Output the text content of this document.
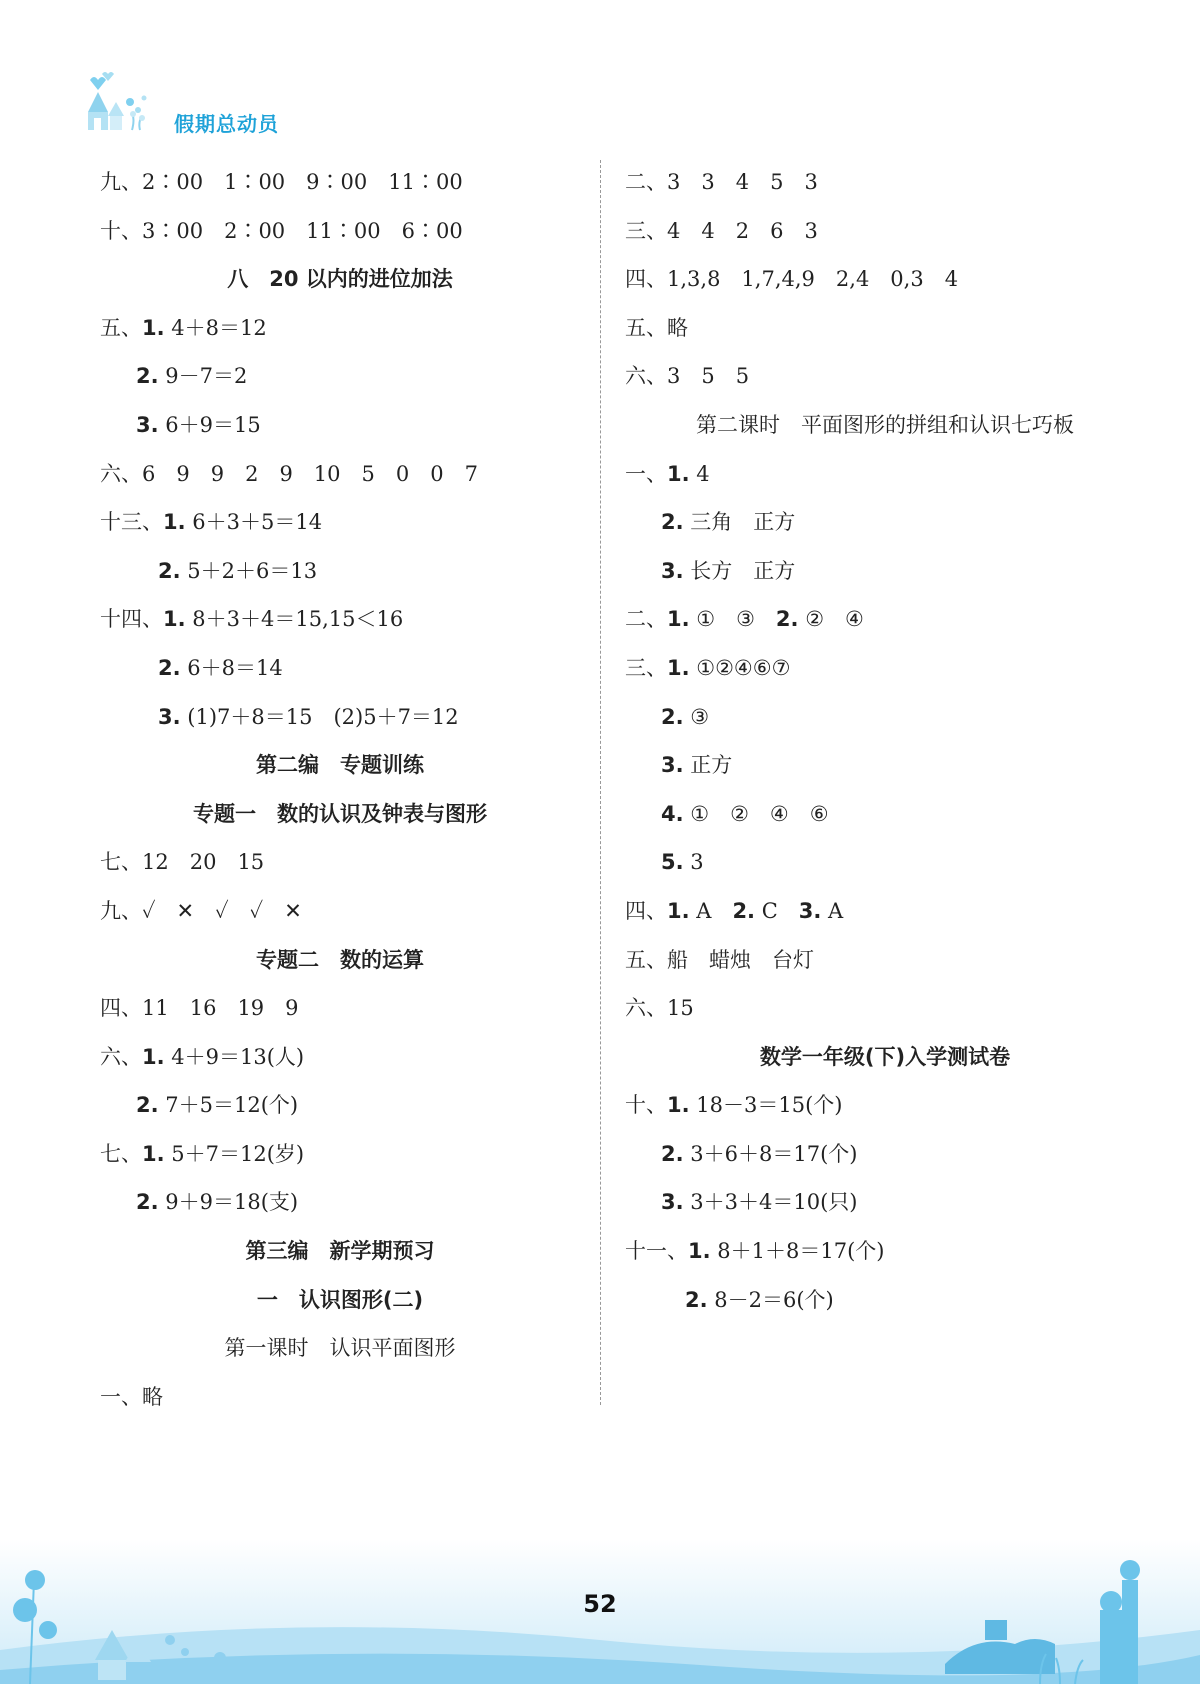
假期总动员
九、2∶00　1∶00　9∶00　11∶00
十、3∶00　2∶00　11∶00　6∶00
八　20 以内的进位加法
五、1. 4＋8＝12
2. 9－7＝2
3. 6＋9＝15
六、6　9　9　2　9　10　5　0　0　7
十三、1. 6＋3＋5＝14
2. 5＋2＋6＝13
十四、1. 8＋3＋4＝15,15＜16
2. 6＋8＝14
3. (1)7＋8＝15　(2)5＋7＝12
第二编　专题训练
专题一　数的认识及钟表与图形
七、12　20　15
九、✓　✕　✓　✓　✕
专题二　数的运算
四、11　16　19　9
六、1. 4＋9＝13(人)
2. 7＋5＝12(个)
七、1. 5＋7＝12(岁)
2. 9＋9＝18(支)
第三编　新学期预习
一　认识图形(二)
第一课时　认识平面图形
一、略
二、3　3　4　5　3
三、4　4　2　6　3
四、1,3,8　1,7,4,9　2,4　0,3　4
五、略
六、3　5　5
第二课时　平面图形的拼组和认识七巧板
一、1. 4
2. 三角　正方
3. 长方　正方
二、1. ①　③　2. ②　④
三、1. ①②④⑥⑦
2. ③
3. 正方
4. ①　②　④　⑥
5. 3
四、1. A　2. C　3. A
五、船　蜡烛　台灯
六、15
数学一年级(下)入学测试卷
十、1. 18－3＝15(个)
2. 3＋6＋8＝17(个)
3. 3＋3＋4＝10(只)
十一、1. 8＋1＋8＝17(个)
2. 8－2＝6(个)
52
